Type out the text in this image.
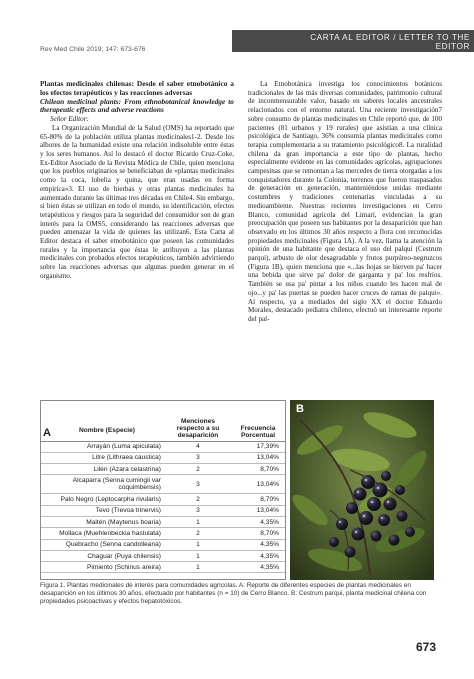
CARTA AL EDITOR / LETTER TO THE EDITOR
Rev Med Chile 2019; 147: 673-676

Plantas medicinales chilenas: Desde el saber etnobotánico a los efectos terapéuticos y las reacciones adversas

Chilean medicinal plants: From ethnobotanical knowledge to therapeutic effects and adverse reactions

Señor Editor:

La Organización Mundial de la Salud (OMS) ha reportado que 65-80% de la población utiliza plantas medicinales1-2. Desde los albores de la humanidad existe una relación indisoluble entre éstas y los seres humanos. Así lo destacó el doctor Ricardo Cruz-Coke, Ex-Editor Asociado de la Revista Médica de Chile, quien menciona que los pueblos originarios se beneficiaban de «plantas medicinales como la coca, lobelia y quina, que eran usadas en forma empírica»3. El uso de hierbas y otras plantas medicinales ha aumentado durante las últimas tres décadas en Chile4. Sin embargo, si bien éstas se utilizan en todo el mundo, su identificación, efectos terapéuticos y riesgos para la seguridad del consumidor son de gran interés para la OMS5, considerando las reacciones adversas que pueden amenazar la vida de quienes las utilizan6. Esta Carta al Editor destaca el saber etnobotánico que poseen las comunidades rurales y la importancia que éstas le atribuyen a las plantas medicinales con probados efectos terapéuticos, también advirtiendo sobre las reacciones adversas que algunas pueden generar en el organismo.

La Etnobotánica investiga los conocimientos botánicos tradicionales de las más diversas comunidades, patrimonio cultural de inconmensurable valor, basado en saberes locales ancestrales relacionados con el entorno natural. Una reciente investigación7 sobre consumo de plantas medicinales en Chile reportó que, de 100 pacientes (81 urbanos y 19 rurales) que asistían a una clínica psicológica de Santiago, 36% consumía plantas medicinales como terapia complementaria a su tratamiento psicológico8. La ruralidad chilena da gran importancia a este tipo de plantas, hecho especialmente evidente en las comunidades agrícolas, agrupaciones campesinas que se remontan a las mercedes de tierra otorgadas a los conquistadores durante la Colonia, terrenos que fueron traspasados de generación en generación, manteniéndose unidas mediante costumbres y tradiciones centenarias vinculadas a su medioambiente. Nuestras recientes investigaciones en Cerro Blanco, comunidad agrícola del Limarí, evidencian la gran preocupación que poseen sus habitantes por la desaparición que han observado en los últimos 30 años respecto a flora con reconocidas propiedades medicinales (Figura 1A). A la vez, llama la atención la opinión de una habitante que destaca el uso del palqui (Cestrum parqui), arbusto de olor desagradable y frutos purpúreo-negruzcos (Figura 1B), quien menciona que «...las hojas se hierven pa' hacer una bebida que sirve pa' dolor de garganta y pa' los resfríos. También se usa pa' pintar a los niños cuando les hacen mal de ojo...y pa' las puertas se pueden hacer cruces de ramas de palqui». Al respecto, ya a mediados del siglo XX el doctor Eduardo Morales, destacado pediatra chileno, efectuó un interesante reporte del pal-

A Nombre (Especie)	Menciones respecto a su desaparición	Frecuencia Porcentual
Arrayán (Luma apiculata)	4	17,39%
Litre (Lithraea caustica)	3	13,04%
Lilén (Azara celastrina)	2	8,70%
Alcaparra (Senna cumingii var coquimbensis)	3	13,04%
Palo Negro (Leptocarpha rivularis)	2	8,70%
Tevo (Trevoa trinervis)	3	13,04%
Maitén (Maytenus boaria)	1	4,35%
Mollaca (Muehlenbeckia hastulata)	2	8,70%
Quebracho (Senna candolleana)	1	4,35%
Chaguar (Puya chilensis)	1	4,35%
Pimiento (Schinus areira)	1	4,35%
B

Figura 1. Plantas medicinales de interés para comunidades agrícolas. A: Reporte de diferentes especies de plantas medicinales en desaparición en los últimos 30 años, efectuado por habitantes (n = 10) de Cerro Blanco. B: Cestrum parqui, planta medicinal chilena con propiedades psicoactivas y efectos hepatotóxicos.

673
